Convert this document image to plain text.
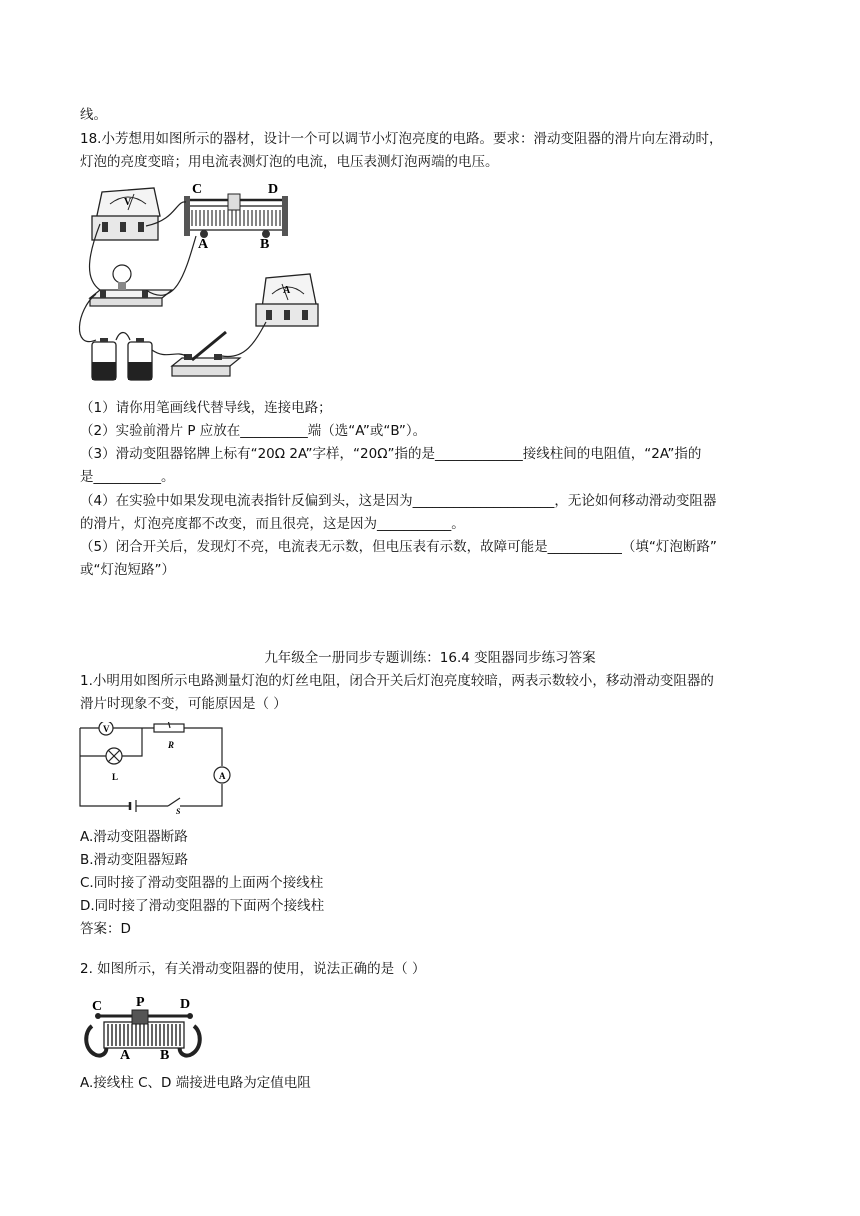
线。
18.小芳想用如图所示的器材，设计一个可以调节小灯泡亮度的电路。要求：滑动变阻器的滑片向左滑动时，
灯泡的亮度变暗；用电流表测灯泡的电流，电压表测灯泡两端的电压。
V
C	D
A	B
A
（1）请你用笔画线代替导线，连接电路；
（2）实验前滑片 P 应放在__________端（选“A”或“B”）。
（3）滑动变阻器铭牌上标有“20Ω 2A”字样，“20Ω”指的是_____________接线柱间的电阻值，“2A”指的
是__________。
（4）在实验中如果发现电流表指针反偏到头，这是因为_____________________，无论如何移动滑动变阻器
的滑片，灯泡亮度都不改变，而且很亮，这是因为___________。
（5）闭合开关后，发现灯不亮，电流表无示数，但电压表有示数，故障可能是___________（填“灯泡断路”
或“灯泡短路”）
九年级全一册同步专题训练：16.4 变阻器同步练习答案
1.小明用如图所示电路测量灯泡的灯丝电阻，闭合开关后灯泡亮度较暗，两表示数较小，移动滑动变阻器的
滑片时现象不变，可能原因是（ ）
V
R
L	A
S
A.滑动变阻器断路
B.滑动变阻器短路
C.同时接了滑动变阻器的上面两个接线柱
D.同时接了滑动变阻器的下面两个接线柱
答案：D
2. 如图所示，有关滑动变阻器的使用，说法正确的是（ ）
C P	D
A B
A.接线柱 C、D 端接进电路为定值电阻
